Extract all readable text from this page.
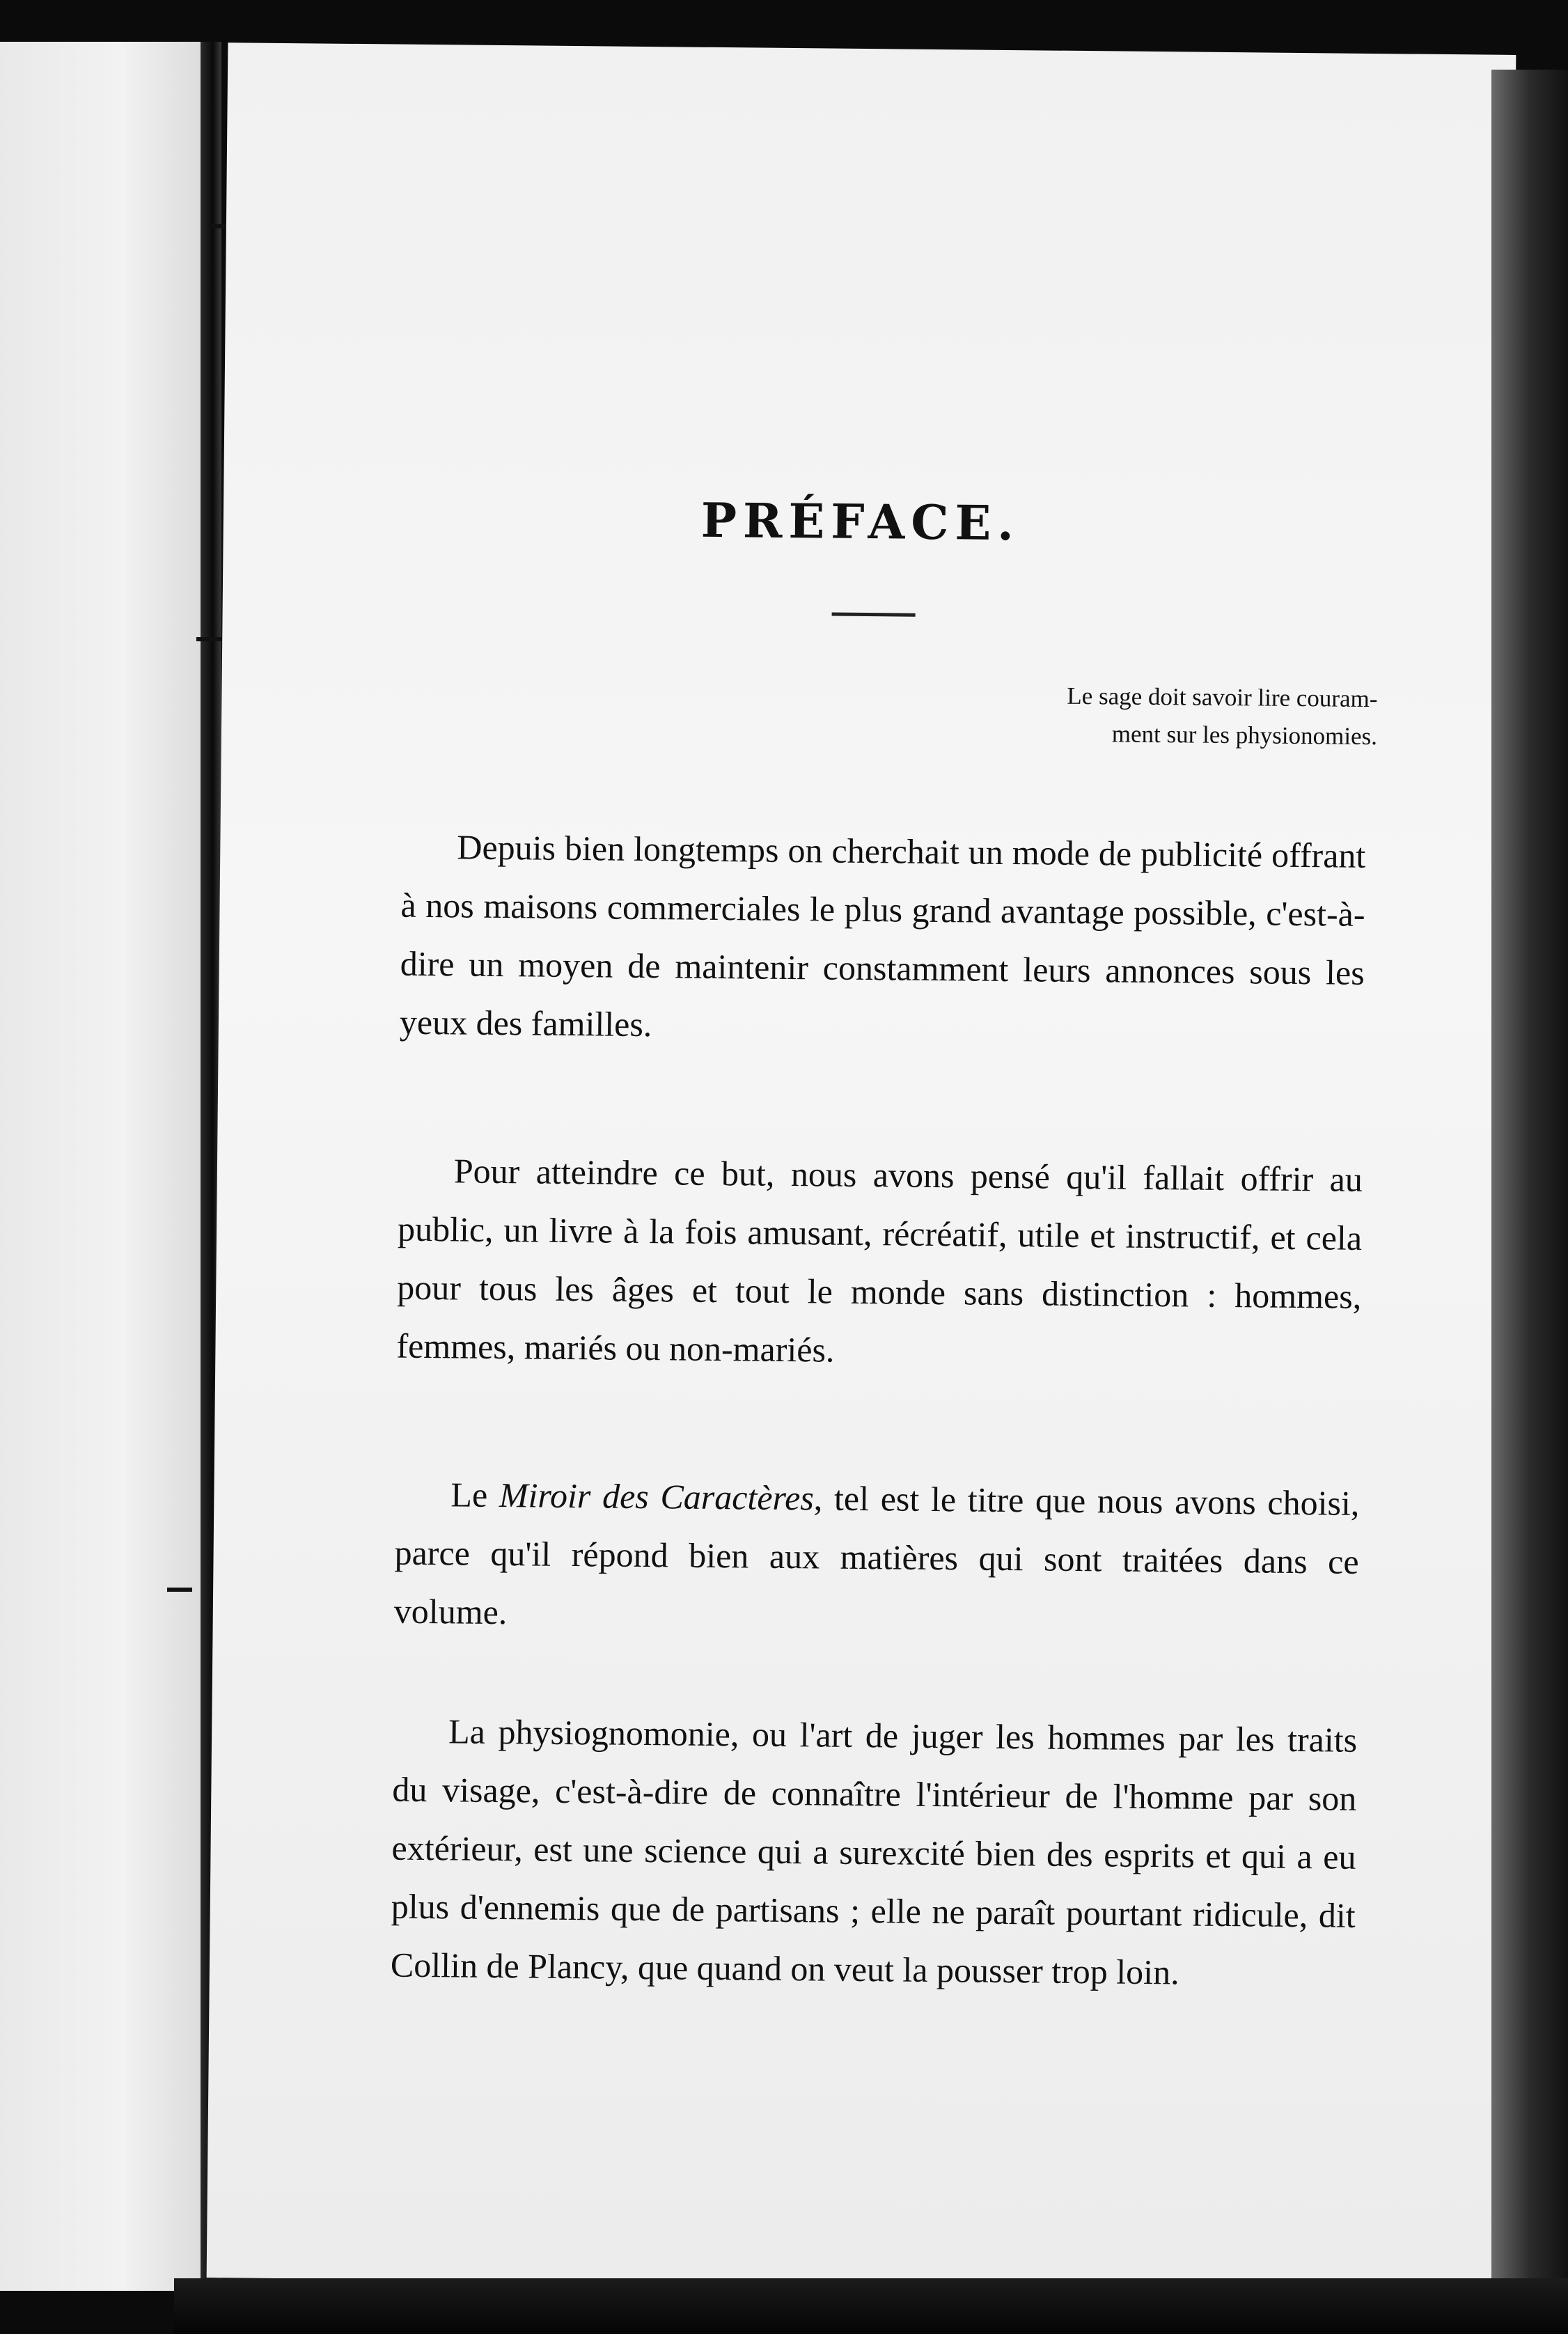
PRÉFACE.
Le sage doit savoir lire couram-
ment sur les physionomies.

Depuis bien longtemps on cherchait un mode de publicité offrant à nos maisons commerciales le plus grand avantage possible, c'est-à-dire un moyen de maintenir constamment leurs annonces sous les yeux des familles.

Pour atteindre ce but, nous avons pensé qu'il fallait offrir au public, un livre à la fois amusant, récréatif, utile et instructif, et cela pour tous les âges et tout le monde sans distinction : hommes, femmes, mariés ou non-mariés.

Le Miroir des Caractères, tel est le titre que nous avons choisi, parce qu'il répond bien aux matières qui sont traitées dans ce volume.

La physiognomonie, ou l'art de juger les hommes par les traits du visage, c'est-à-dire de connaître l'intérieur de l'homme par son extérieur, est une science qui a surexcité bien des esprits et qui a eu plus d'ennemis que de partisans ; elle ne paraît pourtant ridicule, dit Collin de Plancy, que quand on veut la pousser trop loin.
